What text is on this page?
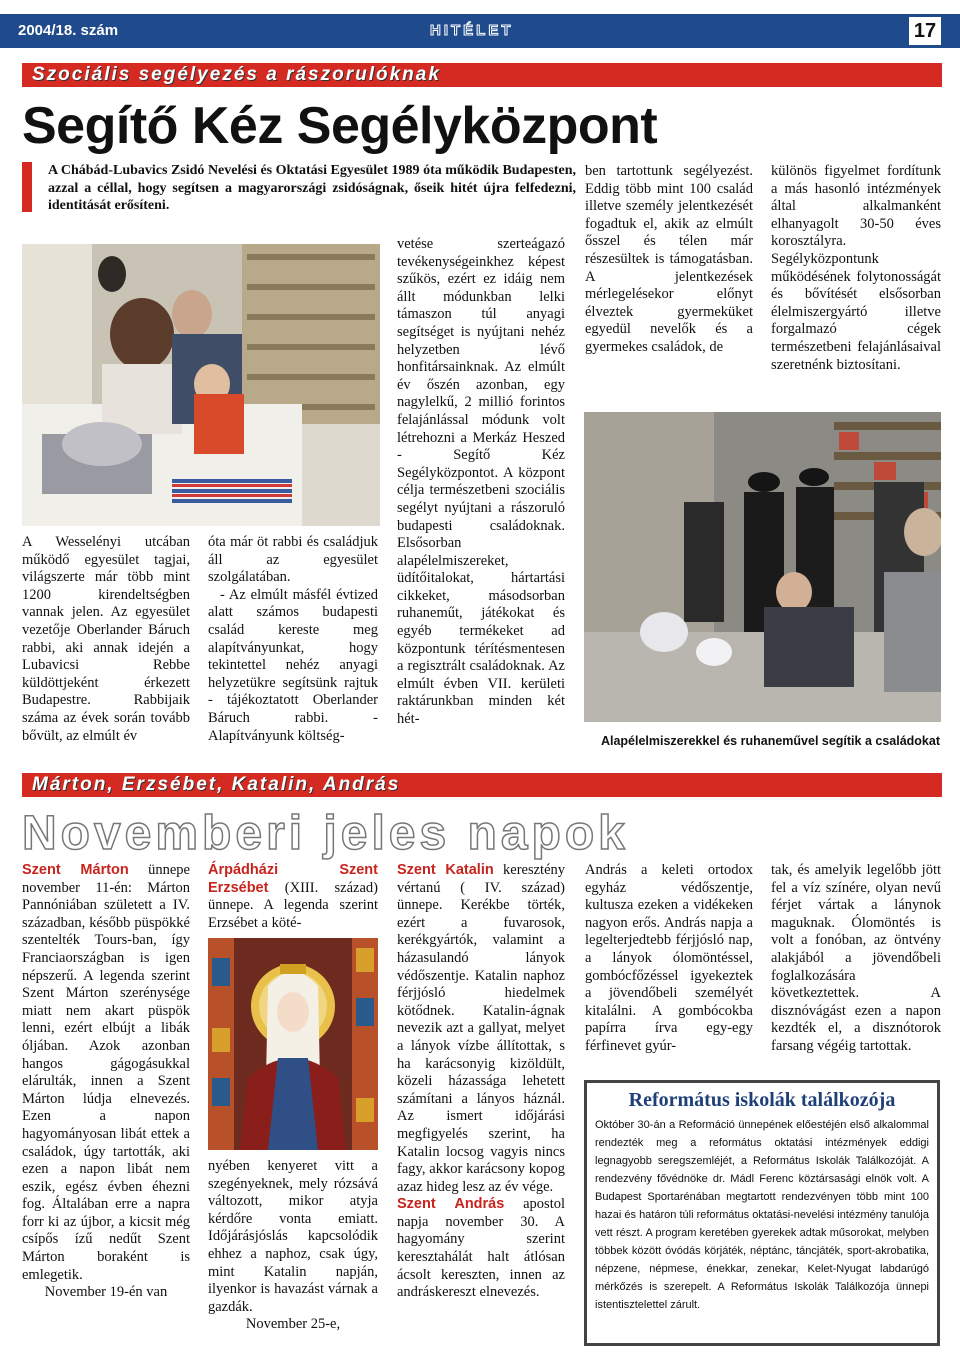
2004/18. szám	HITÉLET	17
Szociális segélyezés a rászorulóknak
Segítő Kéz Segélyközpont
A Chábád-Lubavics Zsidó Nevelési és Oktatási Egyesület 1989 óta működik Budapesten, azzal a céllal, hogy segítsen a magyarországi zsidóságnak, őseik hitét újra felfedezni, identitását erősíteni.
A Wesselényi utcában működő egyesület tagjai, világszerte már több mint 1200 kirendeltségben vannak jelen. Az egyesület vezetője Oberlander Báruch rabbi, aki annak idején a Lubavicsi Rebbe küldöttjeként érkezett Budapestre. Rabbijaik száma az évek során tovább bővült, az elmúlt év

óta már öt rabbi és családjuk áll az egyesület szolgálatában.

- Az elmúlt másfél évtized alatt számos budapesti család kereste meg alapítványunkat, hogy tekintettel nehéz anyagi helyzetükre segítsünk rajtuk - tájékoztatott Oberlander Báruch rabbi. - Alapítványunk költség-

vetése szerteágazó tevékenységeinkhez képest szűkös, ezért ez idáig nem állt módunkban lelki támaszon túl anyagi segítséget is nyújtani nehéz helyzetben lévő honfitársainknak. Az elmúlt év őszén azonban, egy nagylelkű, 2 millió forintos felajánlással módunk volt létrehozni a Merkáz Heszed - Segítő Kéz Segélyközpontot. A központ célja természetbeni szociális segélyt nyújtani a rászoruló budapesti családoknak. Elsősorban alapélelmiszereket, üdítőitalokat, hártartási cikkeket, másodsorban ruhaneműt, játékokat és egyéb termékeket ad központunk térítésmentesen a regisztrált családoknak. Az elmúlt évben VII. kerületi raktárunkban minden két hét-
ben tartottunk segélyezést. Eddig több mint 100 család illetve személy jelentkezését fogadtuk el, akik az elmúlt ősszel és télen már részesültek is támogatásban. A jelentkezések mérlegelésekor előnyt élveztek gyermeküket egyedül nevelők és a gyermekes családok, de
különös figyelmet fordítunk a más hasonló intézmények által alkalmanként elhanyagolt 30-50 éves korosztályra. Segélyközpontunk működésének folytonosságát és bővítését elsősorban élelmiszergyártó illetve forgalmazó cégek természetbeni felajánlásaival szeretnénk biztosítani.
Alapélelmiszerekkel és ruhaneművel segítik a családokat
Márton, Erzsébet, Katalin, András
Novemberi jeles napok

Szent Márton ünnepe november 11-én: Márton Pannóniában született a IV. században, később püspökké szentelték Tours-ban, így Franciaországban is igen népszerű. A legenda szerint Szent Márton szerénysége miatt nem akart püspök lenni, ezért elbújt a libák óljában. Azok azonban hangos gágogásukkal elárulták, innen a Szent Márton lúdja elnevezés. Ezen a napon hagyományosan libát ettek a családok, úgy tartották, aki ezen a napon libát nem eszik, egész évben éhezni fog. Általában erre a napra forr ki az újbor, a kicsit még csípős ízű nedűt Szent Márton boraként is emlegetik.

November 19-én van

Árpádházi Szent Erzsébet (XIII. század) ünnepe. A legenda szerint Erzsébet a köté-

nyében kenyeret vitt a szegényeknek, mely rózsává változott, mikor atyja kérdőre vonta emiatt. Időjárásjóslás kapcsolódik ehhez a naphoz, csak úgy, mint Katalin napján, ilyenkor is havazást várnak a gazdák.

November 25-e,

Szent Katalin keresztény vértanú ( IV. század) ünnepe. Kerékbe törték, ezért a fuvarosok, kerékgyártók, valamint a házasulandó lányok védőszentje. Katalin naphoz férjjósló hiedelmek kötődnek. Katalin-ágnak nevezik azt a gallyat, melyet a lányok vízbe állítottak, s ha karácsonyig kizöldült, közeli házassága lehetett számítani a lányos háznál. Az ismert időjárási megfigyelés szerint, ha Katalin locsog vagyis nincs fagy, akkor karácsony kopog azaz hideg lesz az év vége.

Szent András apostol napja november 30. A hagyomány szerint keresztahálát halt átlósan ácsolt kereszten, innen az andráskereszt elnevezés.

András a keleti ortodox egyház védőszentje, kultusza ezeken a vidékeken nagyon erős. András napja a legelterjedtebb férjjósló nap, a lányok ólomöntéssel, gombócfőzéssel igyekeztek a jövendőbeli személyét kitalálni. A gombócokba papírra írva egy-egy férfinevet gyúr-
tak, és amelyik legelőbb jött fel a víz színére, olyan nevű férjet vártak a lánynok maguknak. Ólomöntés is volt a fonóban, az öntvény alakjából a jövendőbeli foglalkozására következtettek. A disznóvágást ezen a napon kezdték el, a disznótorok farsang végéig tartottak.
Református iskolák találkozója
Október 30-án a Reformáció ünnepének előestéjén első alkalommal rendezték meg a református oktatási intézmények eddigi legnagyobb seregszemléjét, a Református Iskolák Találkozóját. A rendezvény fővédnöke dr. Mádl Ferenc köztársasági elnök volt. A Budapest Sportarénában megtartott rendezvényen több mint 100 hazai és határon túli református oktatási-nevelési intézmény tanulója vett részt. A program keretében gyerekek adtak műsorokat, melyben többek között óvódás körjáték, néptánc, táncjáték, sport-akrobatika, népzene, népmese, énekkar, zenekar, Kelet-Nyugat labdarúgó mérkőzés is szerepelt. A Református Iskolák Találkozója ünnepi istentisztelettel zárult.
